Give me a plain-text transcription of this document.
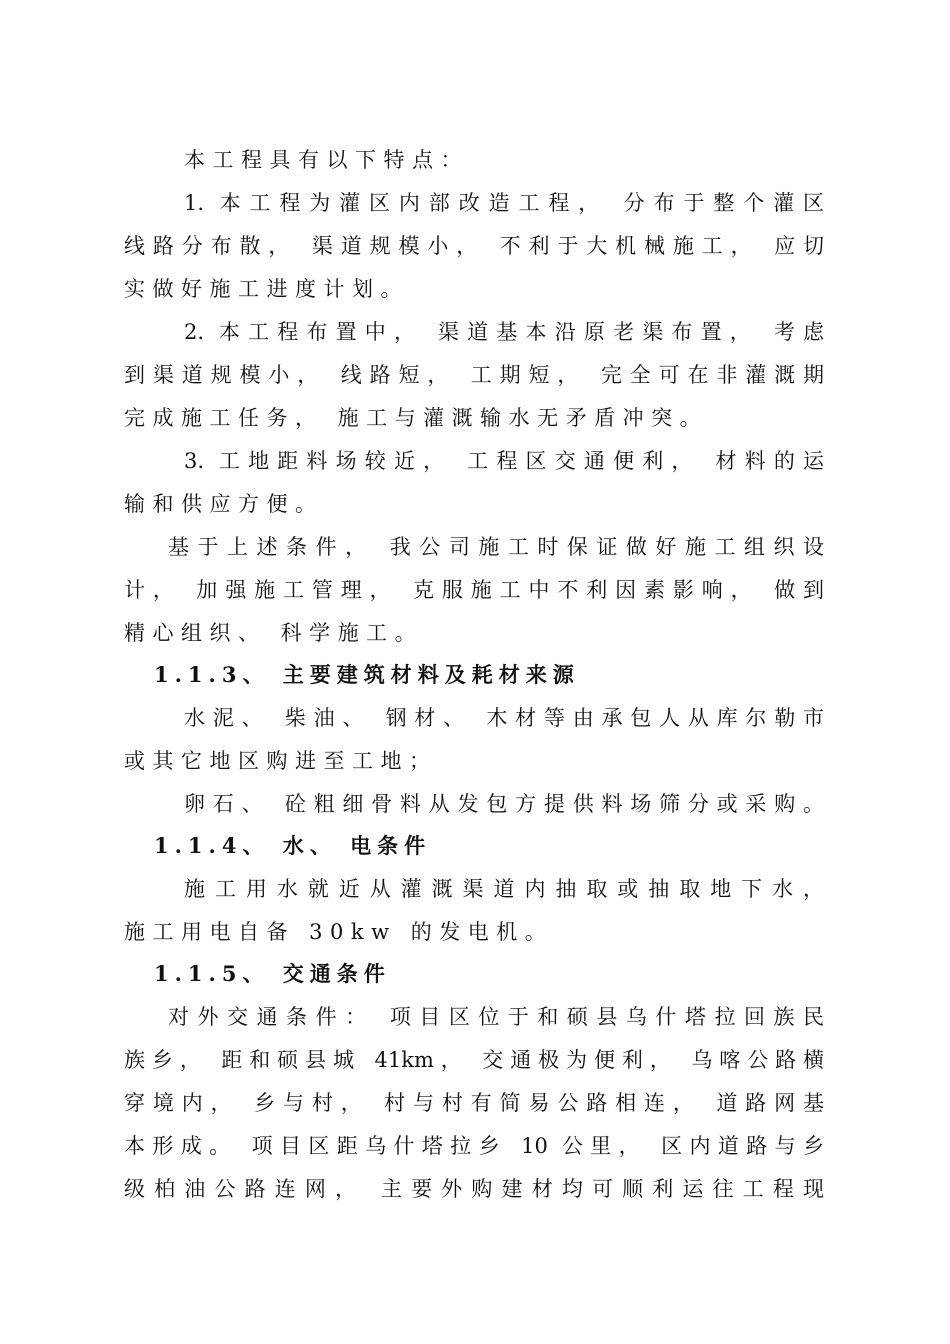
本工程具有以下特点：
1. 本工程为灌区内部改造工程， 分布于整个灌区
线路分布散， 渠道规模小， 不利于大机械施工， 应切
实做好施工进度计划。
2. 本工程布置中， 渠道基本沿原老渠布置， 考虑
到渠道规模小， 线路短， 工期短， 完全可在非灌溉期
完成施工任务， 施工与灌溉输水无矛盾冲突。
3. 工地距料场较近， 工程区交通便利， 材料的运
输和供应方便。
基于上述条件， 我公司施工时保证做好施工组织设
计， 加强施工管理， 克服施工中不利因素影响， 做到
精心组织、 科学施工。
1.1.3、 主要建筑材料及耗材来源
水泥、 柴油、 钢材、 木材等由承包人从库尔勒市
或其它地区购进至工地；
卵石、 砼粗细骨料从发包方提供料场筛分或采购。
1.1.4、 水、 电条件
施工用水就近从灌溉渠道内抽取或抽取地下水，
施工用电自备 30kw 的发电机。
1.1.5、 交通条件
对外交通条件： 项目区位于和硕县乌什塔拉回族民
族乡， 距和硕县城 41km， 交通极为便利， 乌喀公路横
穿境内， 乡与村， 村与村有简易公路相连， 道路网基
本形成。 项目区距乌什塔拉乡 10 公里， 区内道路与乡
级柏油公路连网， 主要外购建材均可顺利运往工程现
